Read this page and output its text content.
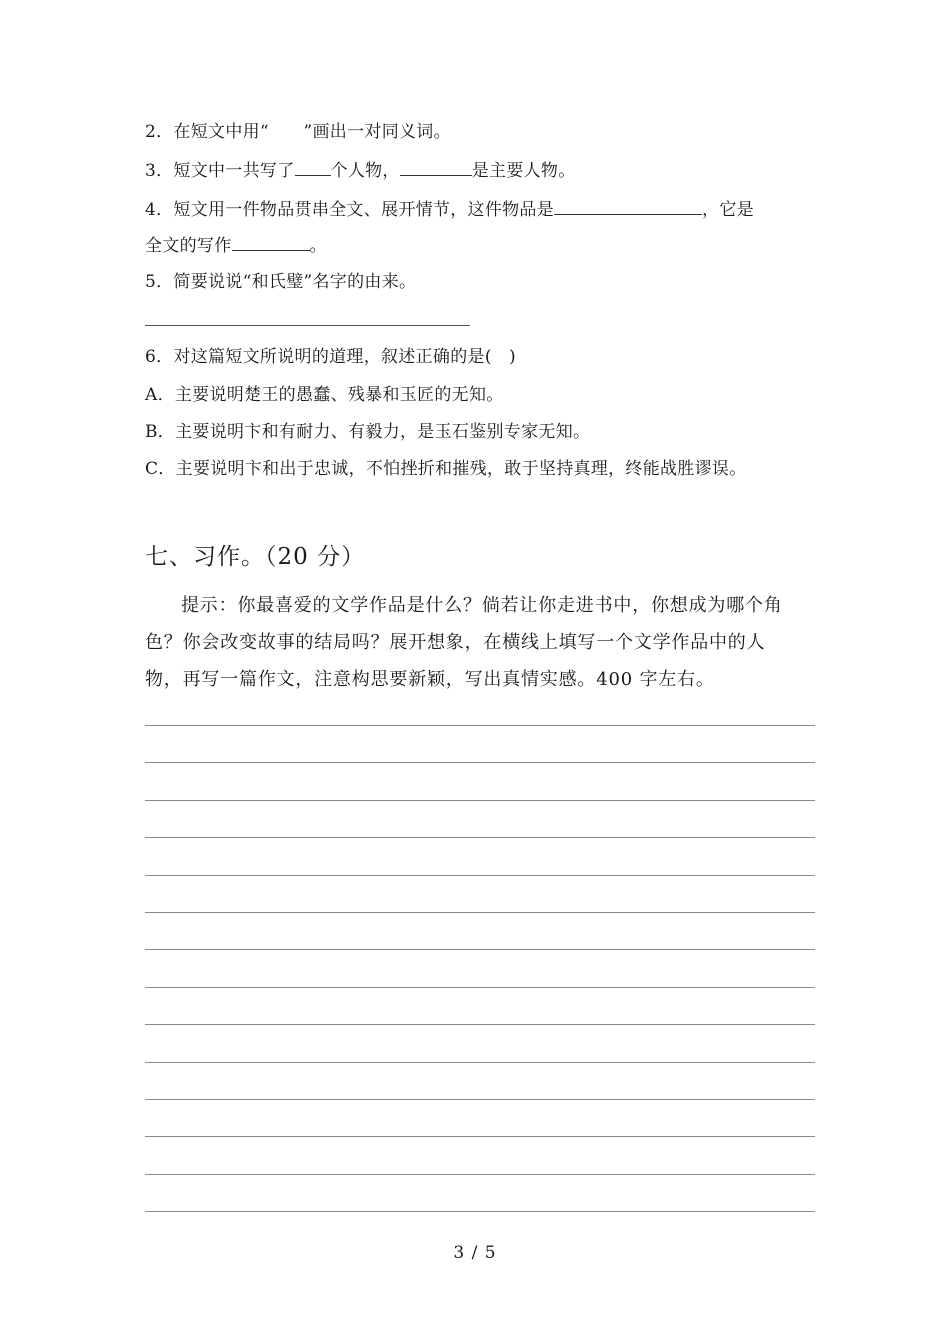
2．在短文中用“　　”画出一对同义词。
3．短文中一共写了 个人物，	是主要人物。
4．短文用一件物品贯串全文、展开情节，这件物品是	，它是
全文的写作	。
5．简要说说“和氏璧”名字的由来。
6．对这篇短文所说明的道理，叙述正确的是(　)
A．主要说明楚王的愚蠢、残暴和玉匠的无知。
B．主要说明卞和有耐力、有毅力，是玉石鉴别专家无知。
C．主要说明卞和出于忠诚，不怕挫折和摧残，敢于坚持真理，终能战胜谬误。
七、习作。（20 分）
提示：你最喜爱的文学作品是什么？倘若让你走进书中，你想成为哪个角
色？你会改变故事的结局吗？展开想象，在横线上填写一个文学作品中的人
物，再写一篇作文，注意构思要新颖，写出真情实感。400 字左右。
3 / 5
